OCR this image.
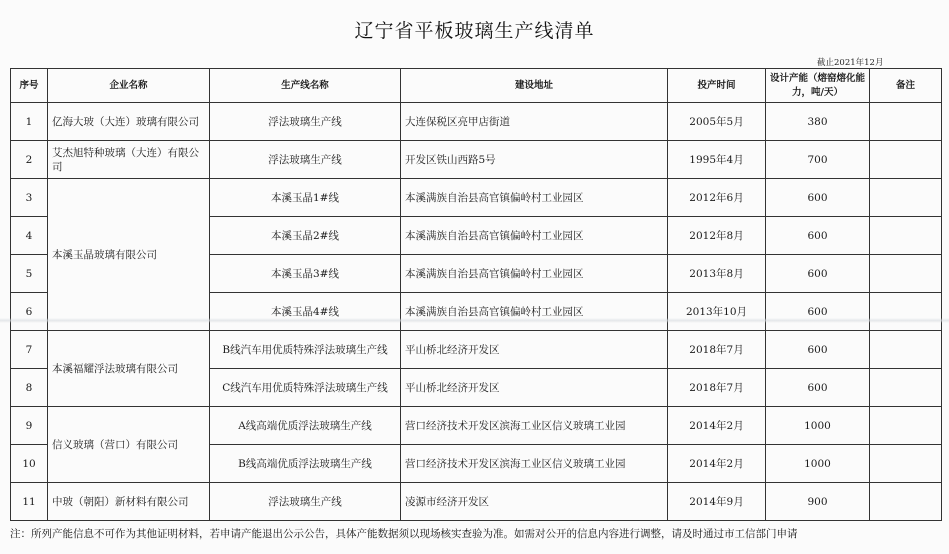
辽宁省平板玻璃生产线清单
截止2021年12月
序号	企业名称	生产线名称	建设地址	投产时间	设计产能（熔窑熔化能力，吨/天）	备注
1	亿海大玻（大连）玻璃有限公司	浮法玻璃生产线	大连保税区亮甲店街道	2005年5月	380	
2	艾杰旭特种玻璃（大连）有限公司	浮法玻璃生产线	开发区铁山西路5号	1995年4月	700	
3	本溪玉晶玻璃有限公司	本溪玉晶1#线	本溪满族自治县高官镇偏岭村工业园区	2012年6月	600	
4		本溪玉晶2#线	本溪满族自治县高官镇偏岭村工业园区	2012年8月	600	
5		本溪玉晶3#线	本溪满族自治县高官镇偏岭村工业园区	2013年8月	600	
6		本溪玉晶4#线	本溪满族自治县高官镇偏岭村工业园区	2013年10月	600	
7	本溪福耀浮法玻璃有限公司	B线汽车用优质特殊浮法玻璃生产线	平山桥北经济开发区	2018年7月	600	
8		C线汽车用优质特殊浮法玻璃生产线	平山桥北经济开发区	2018年7月	600	
9	信义玻璃（营口）有限公司	A线高端优质浮法玻璃生产线	营口经济技术开发区滨海工业区信义玻璃工业园	2014年2月	1000	
10		B线高端优质浮法玻璃生产线	营口经济技术开发区滨海工业区信义玻璃工业园	2014年2月	1000	
11	中玻（朝阳）新材料有限公司	浮法玻璃生产线	凌源市经济开发区	2014年9月	900	
注：所列产能信息不可作为其他证明材料，若申请产能退出公示公告，具体产能数据须以现场核实查验为准。如需对公开的信息内容进行调整，请及时通过市工信部门申请
